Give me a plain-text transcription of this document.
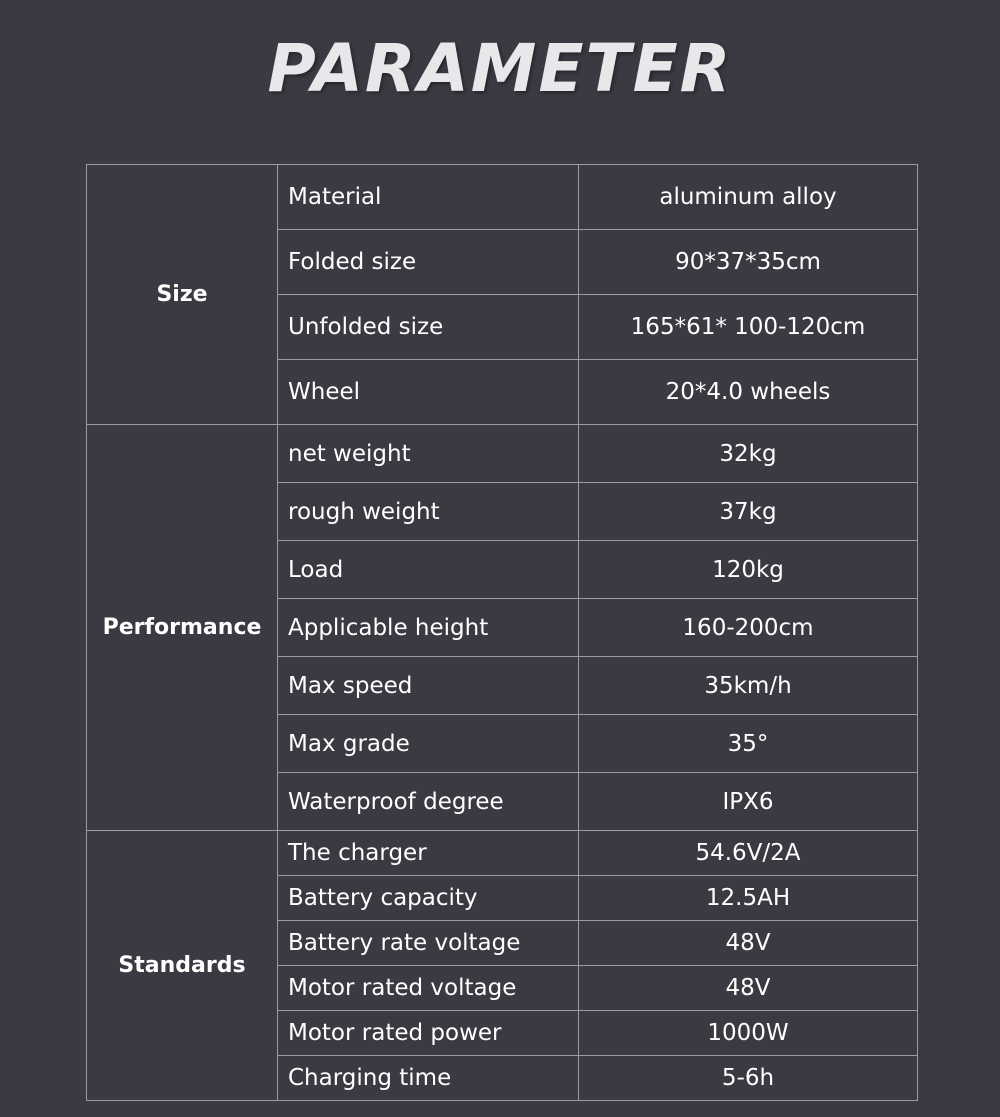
PARAMETER
Size	Material	aluminum alloy
	Folded size	90*37*35cm
	Unfolded size	165*61* 100-120cm
	Wheel	20*4.0 wheels
Performance	net weight	32kg
	rough weight	37kg
	Load	120kg
	Applicable height	160-200cm
	Max speed	35km/h
	Max grade	35°
	Waterproof degree	IPX6
Standards	The charger	54.6V/2A
	Battery capacity	12.5AH
	Battery rate voltage	48V
	Motor rated voltage	48V
	Motor rated power	1000W
	Charging time	5-6h
